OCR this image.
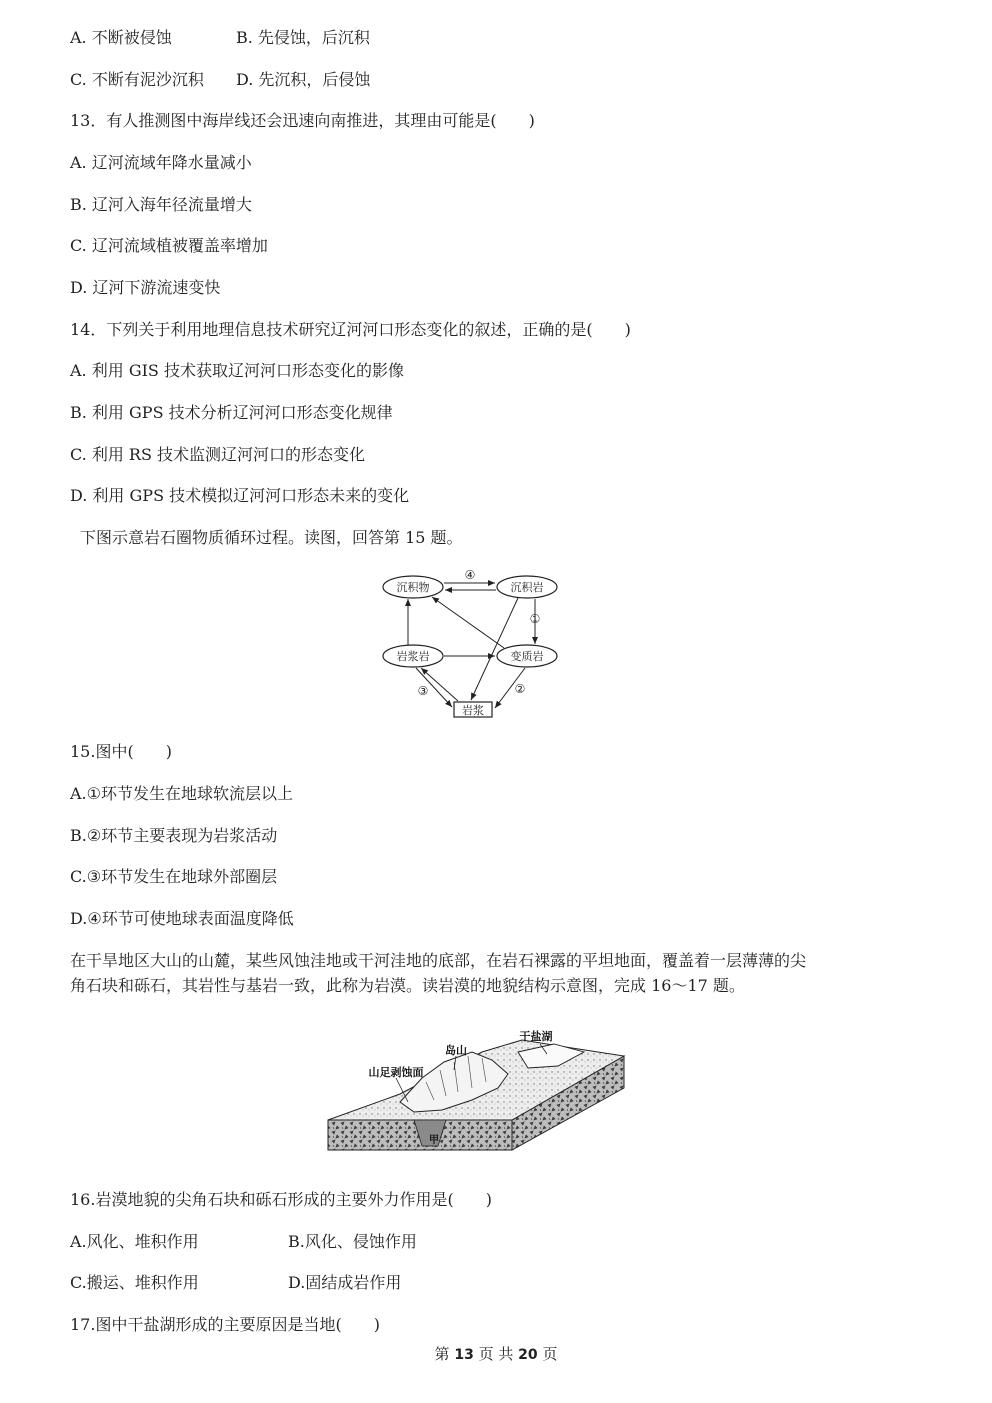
A. 不断被侵蚀	B. 先侵蚀，后沉积
C. 不断有泥沙沉积 D. 先沉积，后侵蚀
13．有人推测图中海岸线还会迅速向南推进，其理由可能是(　　)
A. 辽河流域年降水量减小
B. 辽河入海年径流量增大
C. 辽河流域植被覆盖率增加
D. 辽河下游流速变快
14．下列关于利用地理信息技术研究辽河河口形态变化的叙述，正确的是(　　)
A. 利用 GIS 技术获取辽河河口形态变化的影像
B. 利用 GPS 技术分析辽河河口形态变化规律
C. 利用 RS 技术监测辽河河口的形态变化
D. 利用 GPS 技术模拟辽河河口形态未来的变化
下图示意岩石圈物质循环过程。读图，回答第 15 题。
沉积物	沉积岩
岩浆岩	变质岩
岩浆
④
①
③	②
15.图中(　　)
A.①环节发生在地球软流层以上
B.②环节主要表现为岩浆活动
C.③环节发生在地球外部圈层
D.④环节可使地球表面温度降低
在干旱地区大山的山麓，某些风蚀洼地或干河洼地的底部，在岩石裸露的平坦地面，覆盖着一层薄薄的尖
角石块和砾石，其岩性与基岩一致，此称为岩漠。读岩漠的地貌结构示意图，完成 16～17 题。
干盐湖
岛山
山足剥蚀面
甲
16.岩漠地貌的尖角石块和砾石形成的主要外力作用是(　　)
A.风化、堆积作用	B.风化、侵蚀作用
C.搬运、堆积作用	D.固结成岩作用
17.图中干盐湖形成的主要原因是当地(　　)
第 13 页 共 20 页
